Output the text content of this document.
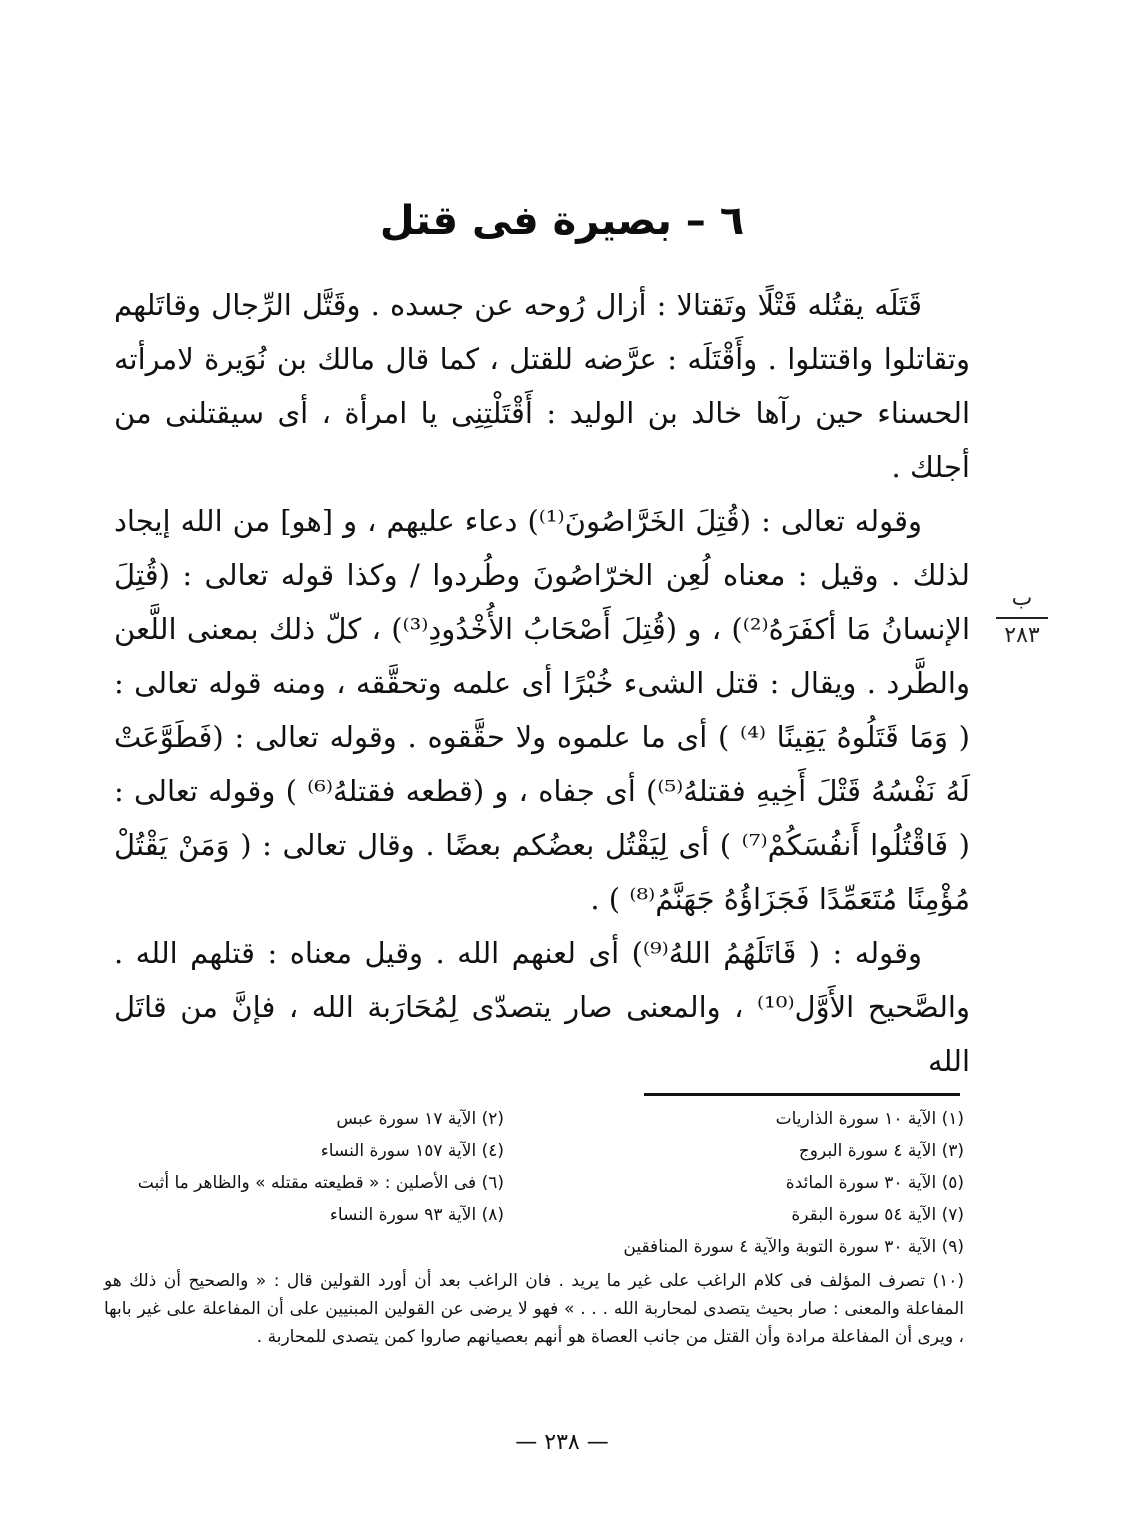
٦ – بصيرة فى قتل

قَتَلَه يقتُله قَتْلًا وتَقتالا : أزال رُوحه عن جسده . وقَتَّل الرِّجال وقاتَلهم وتقاتلوا واقتتلوا . وأَقْتَلَه : عرَّضه للقتل ، كما قال مالك بن نُوَيرة لامرأته الحسناء حين رآها خالد بن الوليد : أَقْتَلْتِنِى يا امرأة ، أى سيقتلنى من أجلك .

وقوله تعالى : (قُتِلَ الخَرَّاصُونَ⁽¹⁾) دعاء عليهم ، و [هو] من الله إيجاد لذلك . وقيل : معناه لُعِن الخرّاصُونَ وطُردوا / وكذا قوله تعالى : (قُتِلَ الإنسانُ مَا أكفَرَهُ⁽²⁾) ، و (قُتِلَ أَصْحَابُ الأُخْدُودِ⁽³⁾) ، كلّ ذلك بمعنى اللَّعن والطَّرد . ويقال : قتل الشىء خُبْرًا أى علمه وتحقَّقه ، ومنه قوله تعالى : ( وَمَا قَتَلُوهُ يَقِينًا ⁽⁴⁾ ) أى ما علموه ولا حقَّقوه . وقوله تعالى : (فَطَوَّعَتْ لَهُ نَفْسُهُ قَتْلَ أَخِيهِ فقتلهُ⁽⁵⁾) أى جفاه ، و (قطعه فقتلهُ⁽⁶⁾ ) وقوله تعالى : ( فَاقْتُلُوا أَنفُسَكُمْ⁽⁷⁾ ) أى لِيَقْتُل بعضُكم بعضًا . وقال تعالى : ( وَمَنْ يَقْتُلْ مُؤْمِنًا مُتَعَمِّدًا فَجَزَاؤُهُ جَهَنَّمُ⁽⁸⁾ ) .

وقوله : ( قَاتَلَهُمُ اللهُ⁽⁹⁾) أى لعنهم الله . وقيل معناه : قتلهم الله . والصَّحيح الأَوَّل⁽¹⁰⁾ ، والمعنى صار يتصدّى لِمُحَارَبة الله ، فإنَّ من قاتَل الله

ب
٢٨٣
(١) الآية ١٠ سورة الذاريات
(٢) الآية ١٧ سورة عبس
(٣) الآية ٤ سورة البروج
(٤) الآية ١٥٧ سورة النساء
(٥) الآية ٣٠ سورة المائدة
(٦) فى الأصلين : « قطيعته مقتله » والظاهر ما أثبت
(٧) الآية ٥٤ سورة البقرة
(٨) الآية ٩٣ سورة النساء
(٩) الآية ٣٠ سورة التوبة والآية ٤ سورة المنافقين
(١٠) تصرف المؤلف فى كلام الراغب على غير ما يريد . فان الراغب بعد أن أورد القولين قال : « والصحيح أن ذلك هو المفاعلة والمعنى : صار بحيث يتصدى لمحاربة الله . . . » فهو لا يرضى عن القولين المبنيين على أن المفاعلة على غير بابها ، ويرى أن المفاعلة مرادة وأن القتل من جانب العصاة هو أنهم بعصيانهم صاروا كمن يتصدى للمحاربة .
— ٢٣٨ —
